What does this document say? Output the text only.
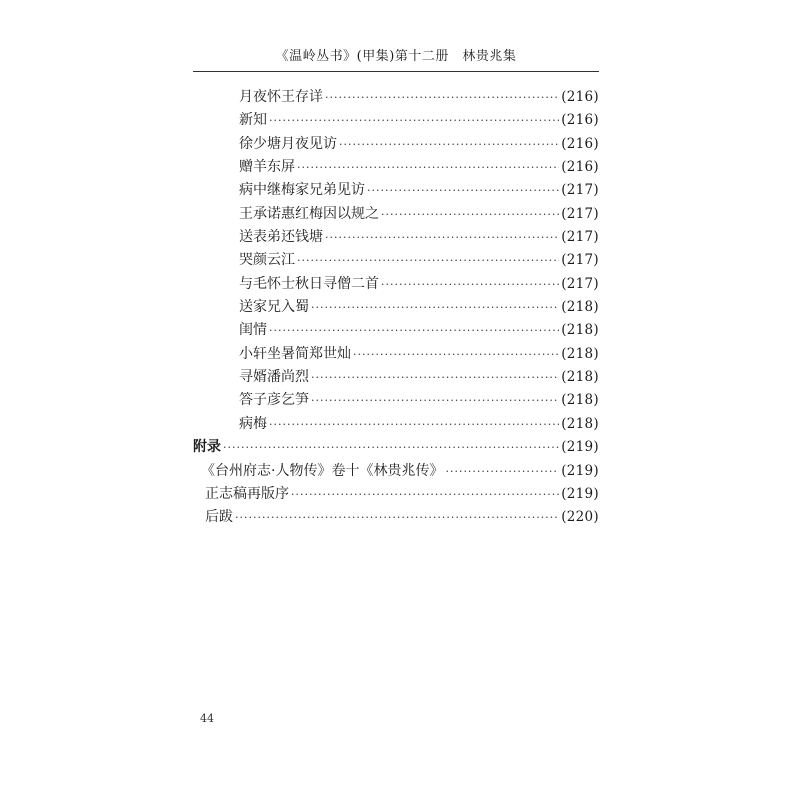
《温岭丛书》(甲集)第十二册　林贵兆集
月夜怀王存详 ·····	(216)
新知 ·····	(216)
徐少塘月夜见访 ·····	(216)
赠羊东屏 ·····	(216)
病中继梅家兄弟见访 ·····	(217)
王承诺惠红梅因以规之 ·····	(217)
送表弟还钱塘 ·····	(217)
哭颜云江 ·····	(217)
与毛怀士秋日寻僧二首 ·····	(217)
送家兄入蜀 ·····	(218)
闺情 ·····	(218)
小轩坐暑简郑世灿 ·····	(218)
寻婿潘尚烈 ·····	(218)
答子彦乞笋 ·····	(218)
病梅 ·····	(218)
附录 ·····	(219)
《台州府志·人物传》卷十《林贵兆传》 ·····	(219)
正志稿再版序 ·····	(219)
后跋 ·····	(220)
44
